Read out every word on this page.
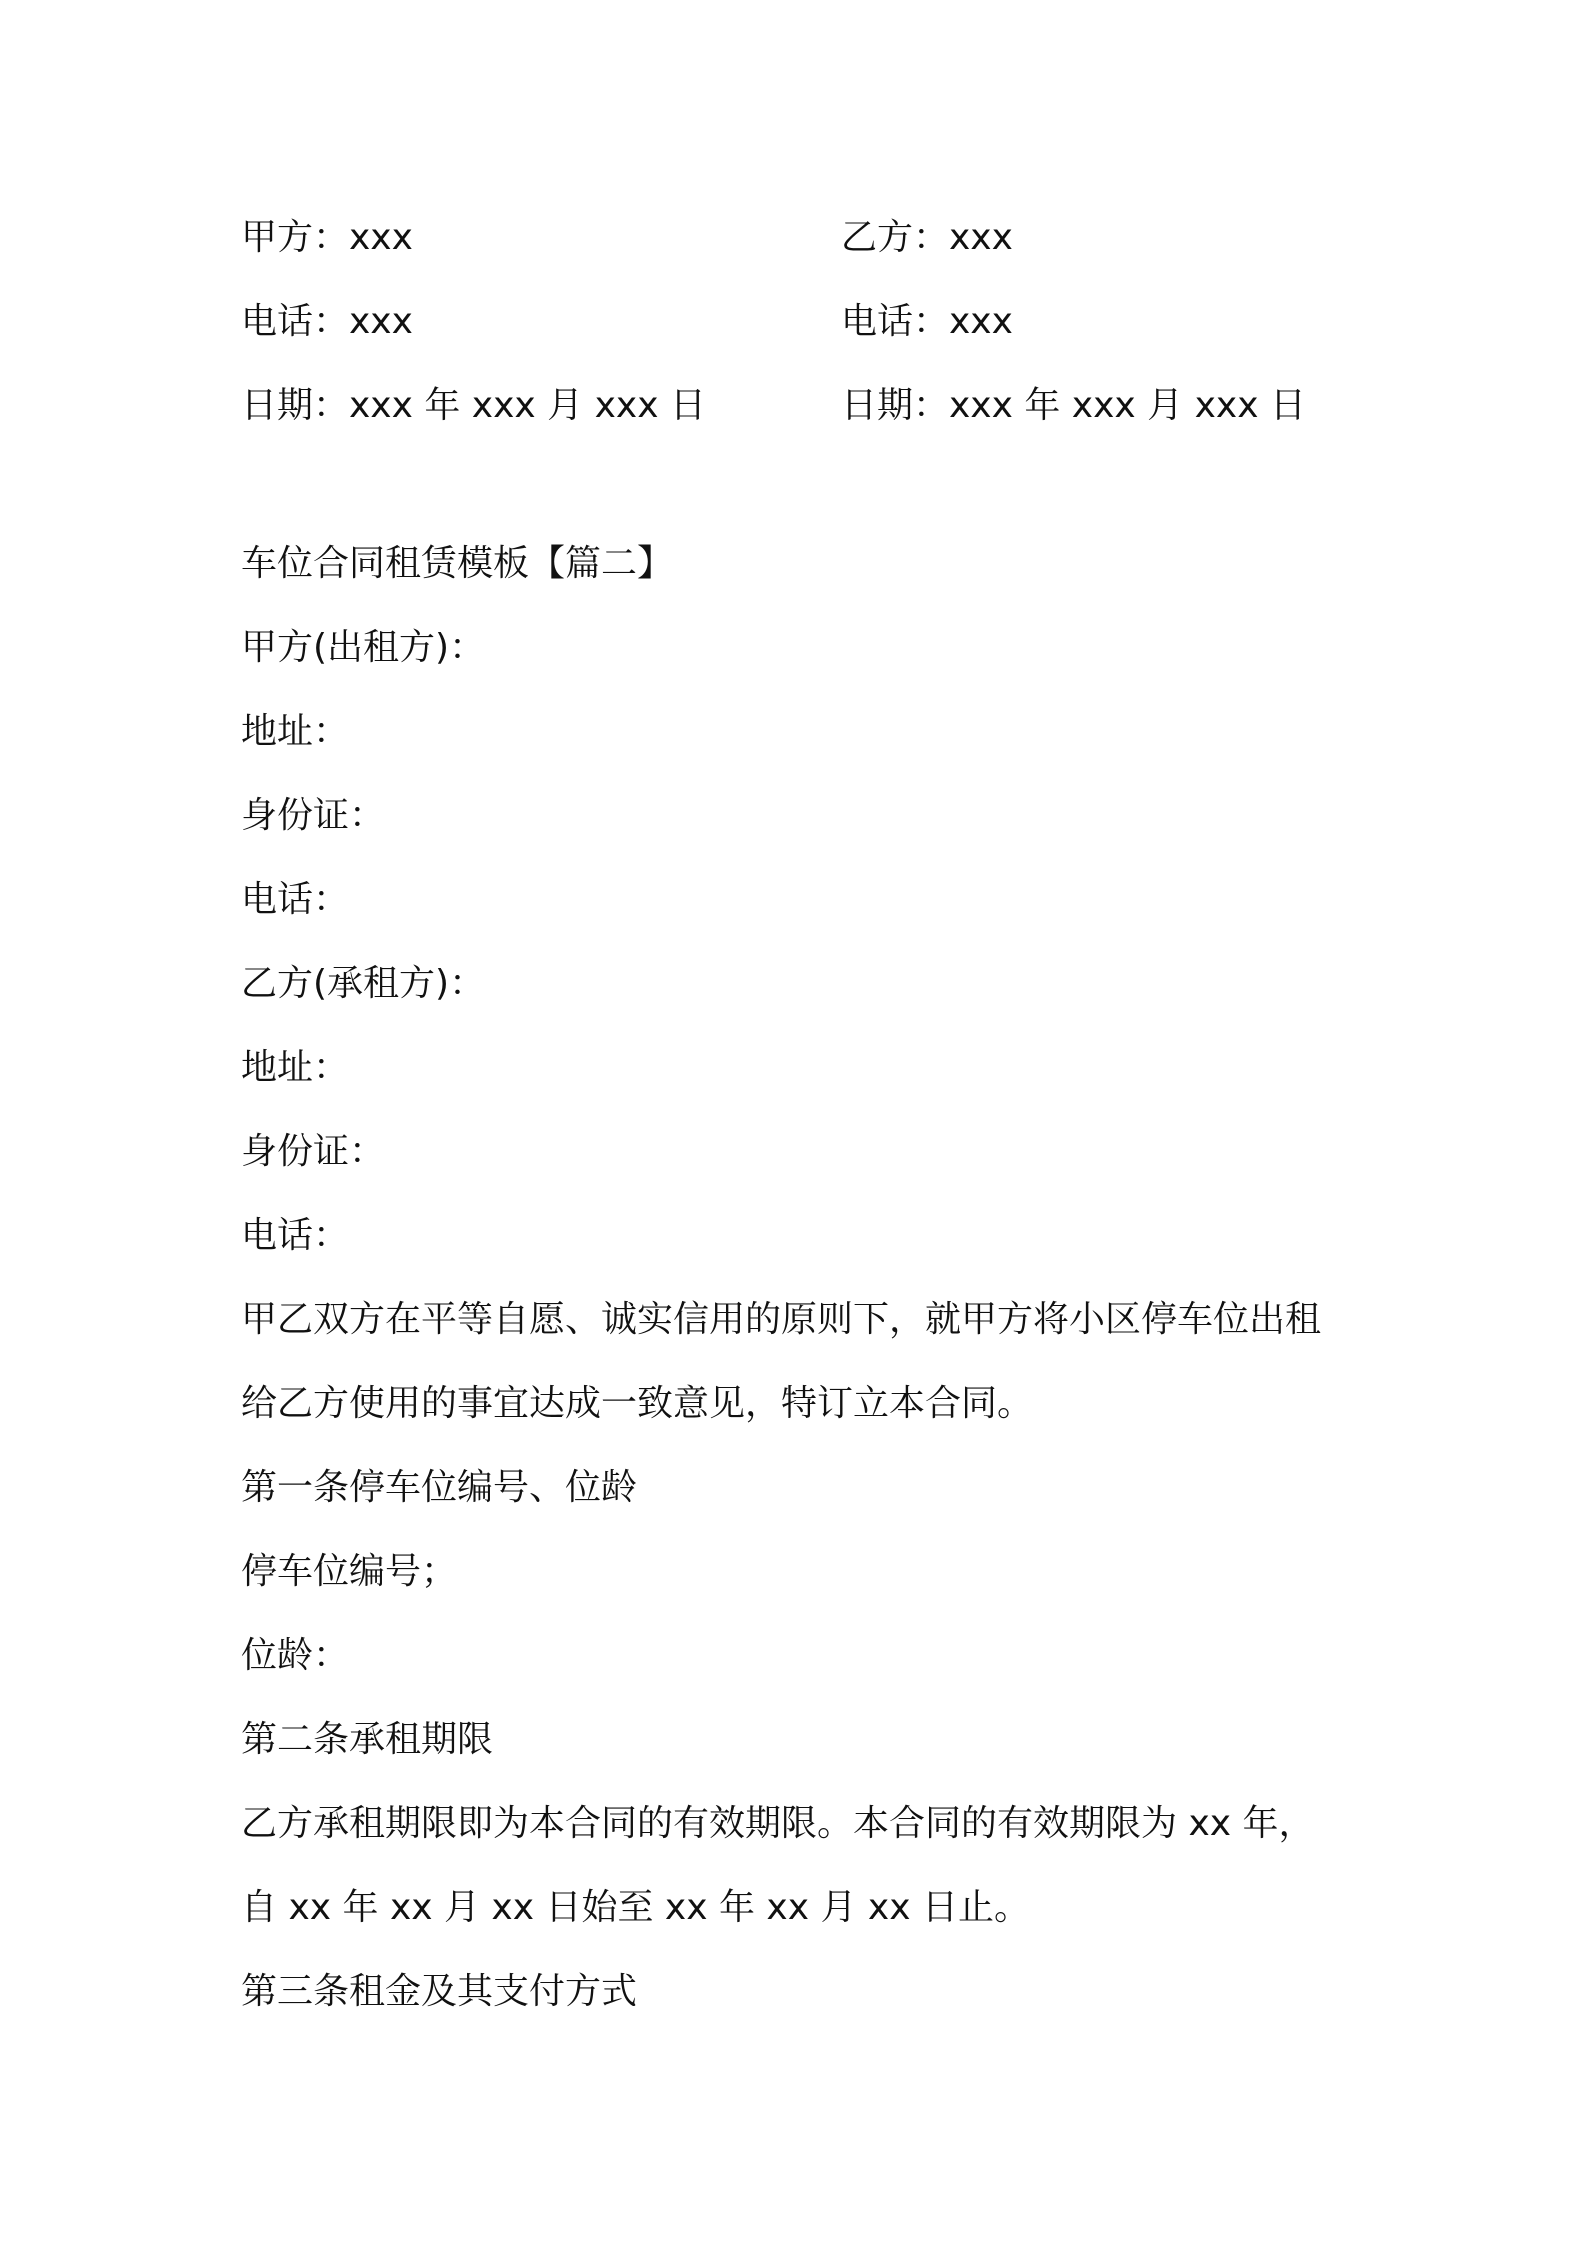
甲方：xxx	乙方：xxx
电话：xxx	电话：xxx
日期：xxx 年 xxx 月 xxx 日	日期：xxx 年 xxx 月 xxx 日
车位合同租赁模板【篇二】
甲方(出租方)：
地址：
身份证：
电话：
乙方(承租方)：
地址：
身份证：
电话：
甲乙双方在平等自愿、诚实信用的原则下，就甲方将小区停车位出租
给乙方使用的事宜达成一致意见，特订立本合同。
第一条停车位编号、位龄
停车位编号；
位龄：
第二条承租期限
乙方承租期限即为本合同的有效期限。本合同的有效期限为 xx 年，
自 xx 年 xx 月 xx 日始至 xx 年 xx 月 xx 日止。
第三条租金及其支付方式
